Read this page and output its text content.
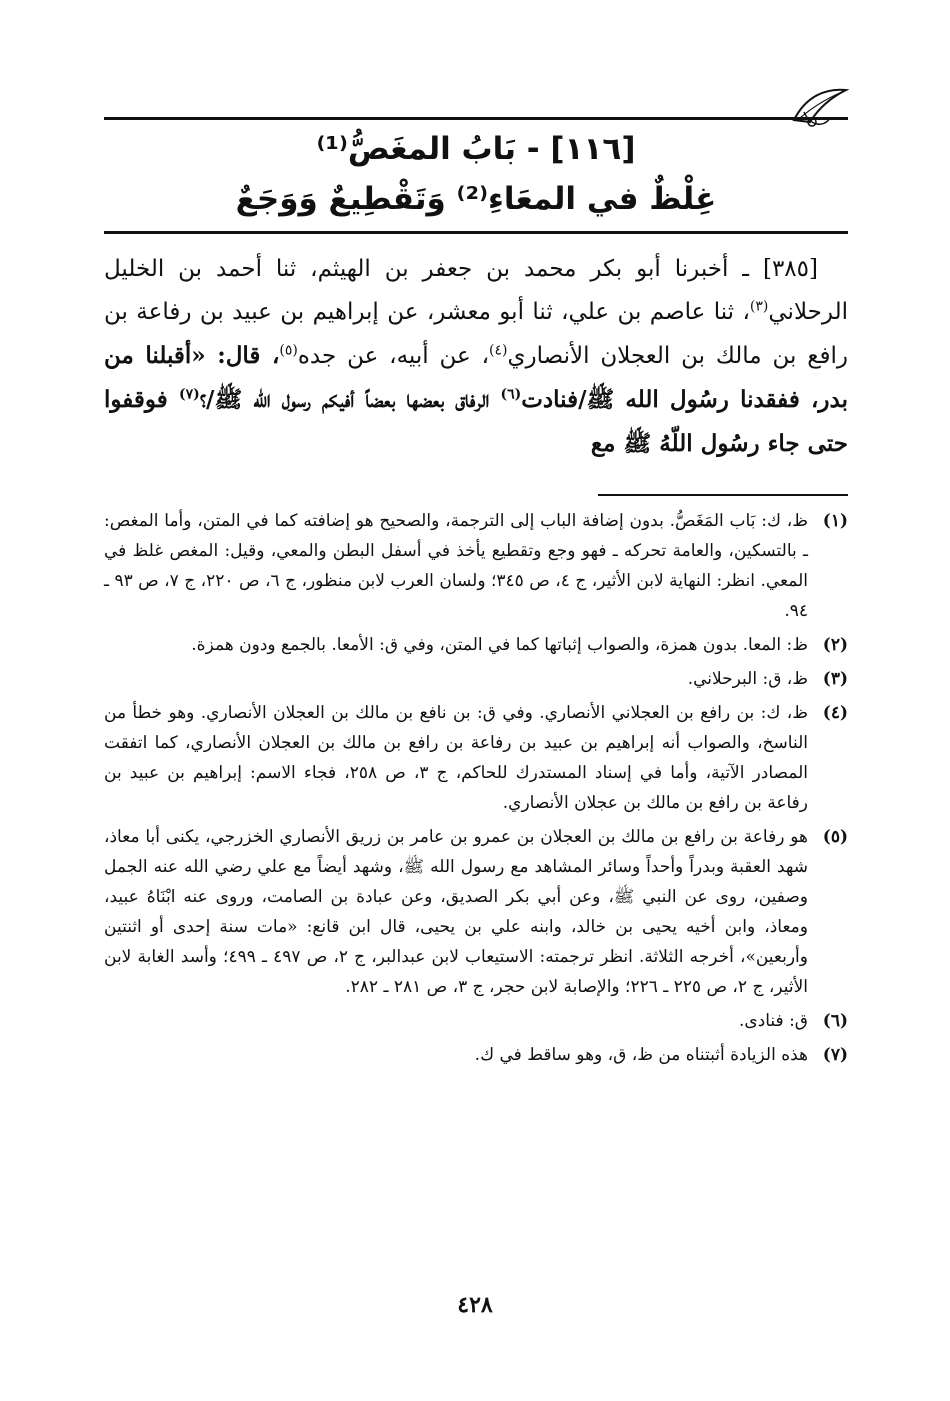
[١١٦] - بَابُ المغَصُّ⁽¹⁾
غِلْظٌ في المعَاءِ⁽²⁾ وَتَقْطِيعٌ وَوَجَعٌ

[٣٨٥] ـ أخبرنا أبو بكر محمد بن جعفر بن الهيثم، ثنا أحمد بن الخليل الرحلاني$^{(٣)}$، ثنا عاصم بن علي، ثنا أبو معشر، عن إبراهيم بن عبيد بن رفاعة بن رافع بن مالك بن العجلان الأنصاري$^{(٤)}$، عن أبيه، عن جده$^{(٥)}$، قال: «أقبلنا من بدر، ففقدنا رسُول الله ﷺ/فنادت$^{(٦)}$ الرفاق بعضها بعضاً أفيكم رسول الله ﷺ/؟$^{(٧)}$ فوقفوا حتى جاء رسُول اللّهُ ﷺ مع

(١)
ظ، ك: بَاب المَغَصُّ. بدون إضافة الباب إلى الترجمة، والصحيح هو إضافته كما في المتن، وأما المغص: ـ بالتسكين، والعامة تحركه ـ فهو وجع وتقطيع يأخذ في أسفل البطن والمعي، وقيل: المغص غلظ في المعي. انظر: النهاية لابن الأثير، ج ٤، ص ٣٤٥؛ ولسان العرب لابن منظور، ج ٦، ص ٢٢٠، ج ٧، ص ٩٣ ـ ٩٤.
(٢)
ظ: المعا. بدون همزة، والصواب إثباتها كما في المتن، وفي ق: الأمعا. بالجمع ودون همزة.
(٣)
ظ، ق: البرحلاني.
(٤)
ظ، ك: بن رافع بن العجلاني الأنصاري. وفي ق: بن نافع بن مالك بن العجلان الأنصاري. وهو خطأ من الناسخ، والصواب أنه إبراهيم بن عبيد بن رفاعة بن رافع بن مالك بن العجلان الأنصاري، كما اتفقت المصادر الآتية، وأما في إسناد المستدرك للحاكم، ج ٣، ص ٢٥٨، فجاء الاسم: إبراهيم بن عبيد بن رفاعة بن رافع بن مالك بن عجلان الأنصاري.
(٥)
هو رفاعة بن رافع بن مالك بن العجلان بن عمرو بن عامر بن زريق الأنصاري الخزرجي، يكنى أبا معاذ، شهد العقبة وبدراً وأحداً وسائر المشاهد مع رسول الله ﷺ، وشهد أيضاً مع علي رضي الله عنه الجمل وصفين، روى عن النبي ﷺ، وعن أبي بكر الصديق، وعن عبادة بن الصامت، وروى عنه ابْنَاهُ عبيد، ومعاذ، وابن أخيه يحيى بن خالد، وابنه علي بن يحيى، قال ابن قانع: «مات سنة إحدى أو اثنتين وأربعين»، أخرجه الثلاثة. انظر ترجمته: الاستيعاب لابن عبدالبر، ج ٢، ص ٤٩٧ ـ ٤٩٩؛ وأسد الغابة لابن الأثير، ج ٢، ص ٢٢٥ ـ ٢٢٦؛ والإصابة لابن حجر، ج ٣، ص ٢٨١ ـ ٢٨٢.
(٦)
ق: فنادى.
(٧)
هذه الزيادة أثبتناه من ظ، ق، وهو ساقط في ك.
٤٢٨
